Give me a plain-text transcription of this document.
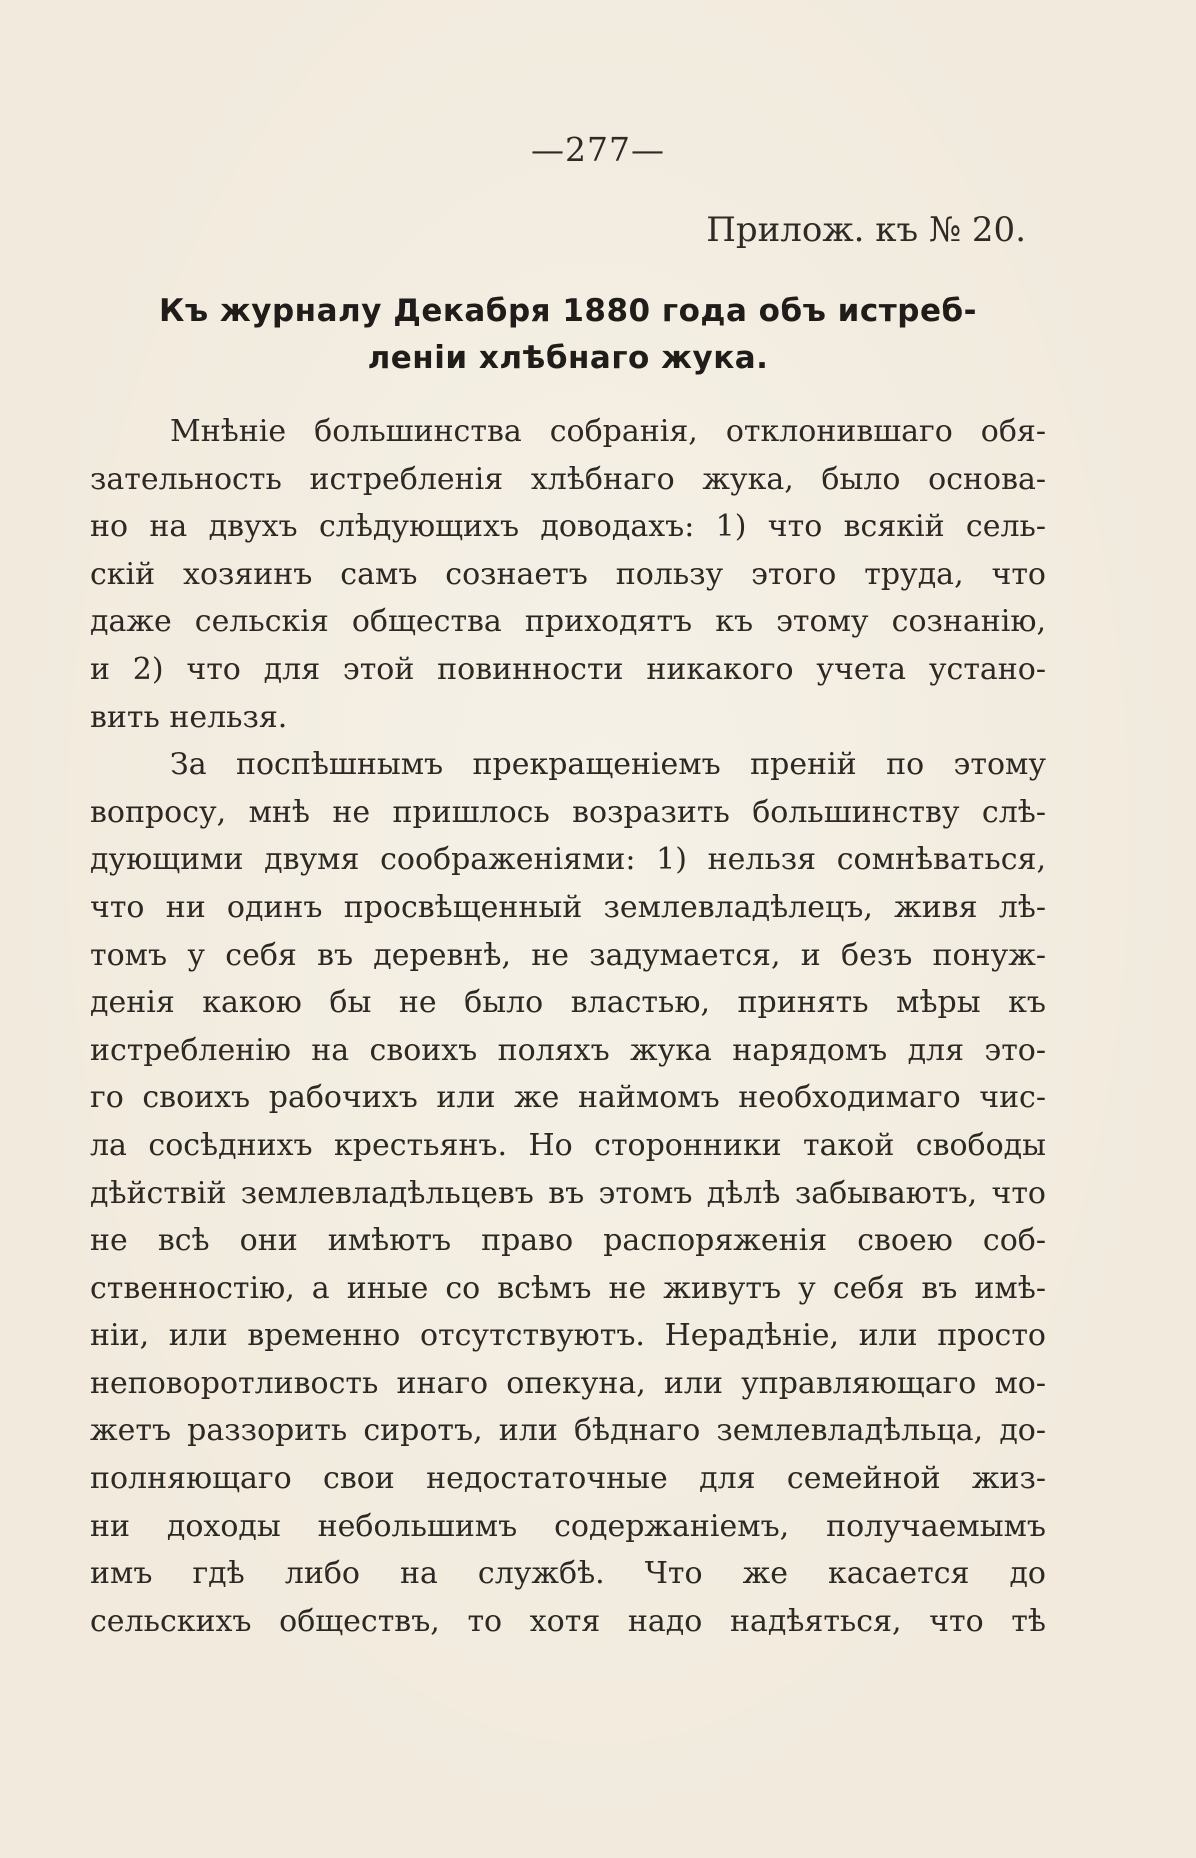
—277—
Прилож. къ № 20.
Къ журналу Декабря 1880 года объ истреб-
леніи хлѣбнаго жука.
Мнѣніе большинства собранія, отклонившаго обя-
зательность истребленія хлѣбнаго жука, было основа-
но на двухъ слѣдующихъ доводахъ: 1) что всякій сель-
скій хозяинъ самъ сознаетъ пользу этого труда, что
даже сельскія общества приходятъ къ этому сознанію,
и 2) что для этой повинности никакого учета устано-
вить нельзя.
За поспѣшнымъ прекращеніемъ преній по этому
вопросу, мнѣ не пришлось возразить большинству слѣ-
дующими двумя соображеніями: 1) нельзя сомнѣваться,
что ни одинъ просвѣщенный землевладѣлецъ, живя лѣ-
томъ у себя въ деревнѣ, не задумается, и безъ понуж-
денія какою бы не было властью, принять мѣры къ
истребленію на своихъ поляхъ жука нарядомъ для это-
го своихъ рабочихъ или же наймомъ необходимаго чис-
ла сосѣднихъ крестьянъ. Но сторонники такой свободы
дѣйствій землевладѣльцевъ въ этомъ дѣлѣ забываютъ, что
не всѣ они имѣютъ право распоряженія своею соб-
ственностію, а иные со всѣмъ не живутъ у себя въ имѣ-
ніи, или временно отсутствуютъ. Нерадѣніе, или просто
неповоротливость инаго опекуна, или управляющаго мо-
жетъ раззорить сиротъ, или бѣднаго землевладѣльца, до-
полняющаго свои недостаточные для семейной жиз-
ни доходы небольшимъ содержаніемъ, получаемымъ
имъ гдѣ либо на службѣ. Что же касается до
сельскихъ обществъ, то хотя надо надѣяться, что тѣ
